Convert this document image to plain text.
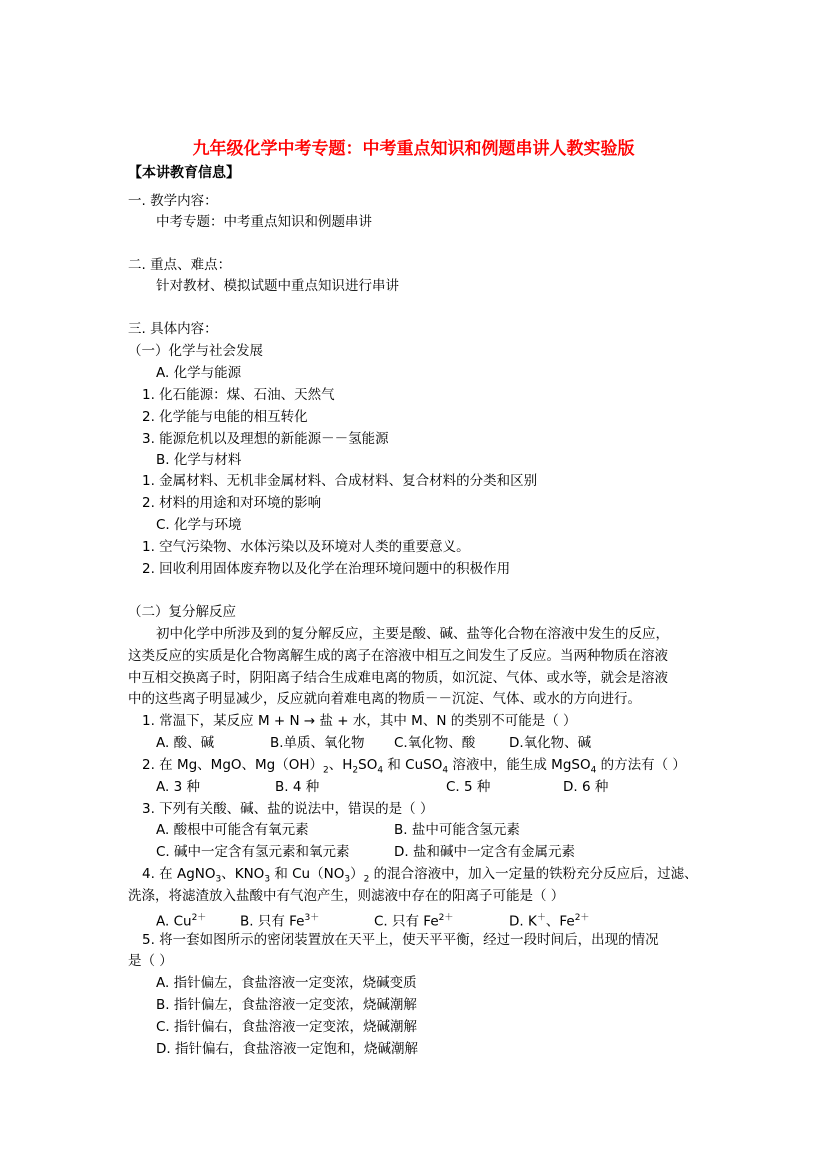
九年级化学中考专题：中考重点知识和例题串讲人教实验版
【本讲教育信息】
一. 教学内容：
中考专题：中考重点知识和例题串讲
二. 重点、难点：
针对教材、模拟试题中重点知识进行串讲
三. 具体内容：
（一）化学与社会发展
A. 化学与能源
1. 化石能源：煤、石油、天然气
2. 化学能与电能的相互转化
3. 能源危机以及理想的新能源－－氢能源
B. 化学与材料
1. 金属材料、无机非金属材料、合成材料、复合材料的分类和区别
2. 材料的用途和对环境的影响
C. 化学与环境
1. 空气污染物、水体污染以及环境对人类的重要意义。
2. 回收利用固体废弃物以及化学在治理环境问题中的积极作用
（二）复分解反应
初中化学中所涉及到的复分解反应，主要是酸、碱、盐等化合物在溶液中发生的反应，
这类反应的实质是化合物离解生成的离子在溶液中相互之间发生了反应。当两种物质在溶液
中互相交换离子时，阴阳离子结合生成难电离的物质，如沉淀、气体、或水等，就会是溶液
中的这些离子明显减少，反应就向着难电离的物质－－沉淀、气体、或水的方向进行。
1. 常温下，某反应 M + N → 盐 + 水，其中 M、N 的类别不可能是（ ）
A. 酸、碱	B.单质、氧化物 C.氧化物、酸	D.氧化物、碱
2. 在 Mg、MgO、$Mg(OH)_2$、$H_2SO_4$ 和 CuSO$_4$ 溶液中，能生成 MgSO$_4$ 的方法有（ ）
A. 3 种	B. 4 种	C. 5 种	D. 6 种
3. 下列有关酸、碱、盐的说法中，错误的是（ ）
A. 酸根中可能含有氧元素	B. 盐中可能含氢元素
C. 碱中一定含有氢元素和氧元素	D. 盐和碱中一定含有金属元素
4. 在 AgNO$_3$、$KNO_3$ 和 $Cu(NO_3)_2$ 的混合溶液中，加入一定量的铁粉充分反应后，过滤、
洗涤，将滤渣放入盐酸中有气泡产生，则滤液中存在的阳离子可能是（ ）
A. $Cu^{2+}$ B. 只有 $Fe^{3+}$	C. 只有 $Fe^{2+}$	D. K＋、$Fe^{2+}$
5. 将一套如图所示的密闭装置放在天平上，使天平平衡，经过一段时间后，出现的情况
是（ ）
A. 指针偏左，食盐溶液一定变浓，烧碱变质
B. 指针偏左，食盐溶液一定变浓，烧碱潮解
C. 指针偏右，食盐溶液一定变浓，烧碱潮解
D. 指针偏右，食盐溶液一定饱和，烧碱潮解
